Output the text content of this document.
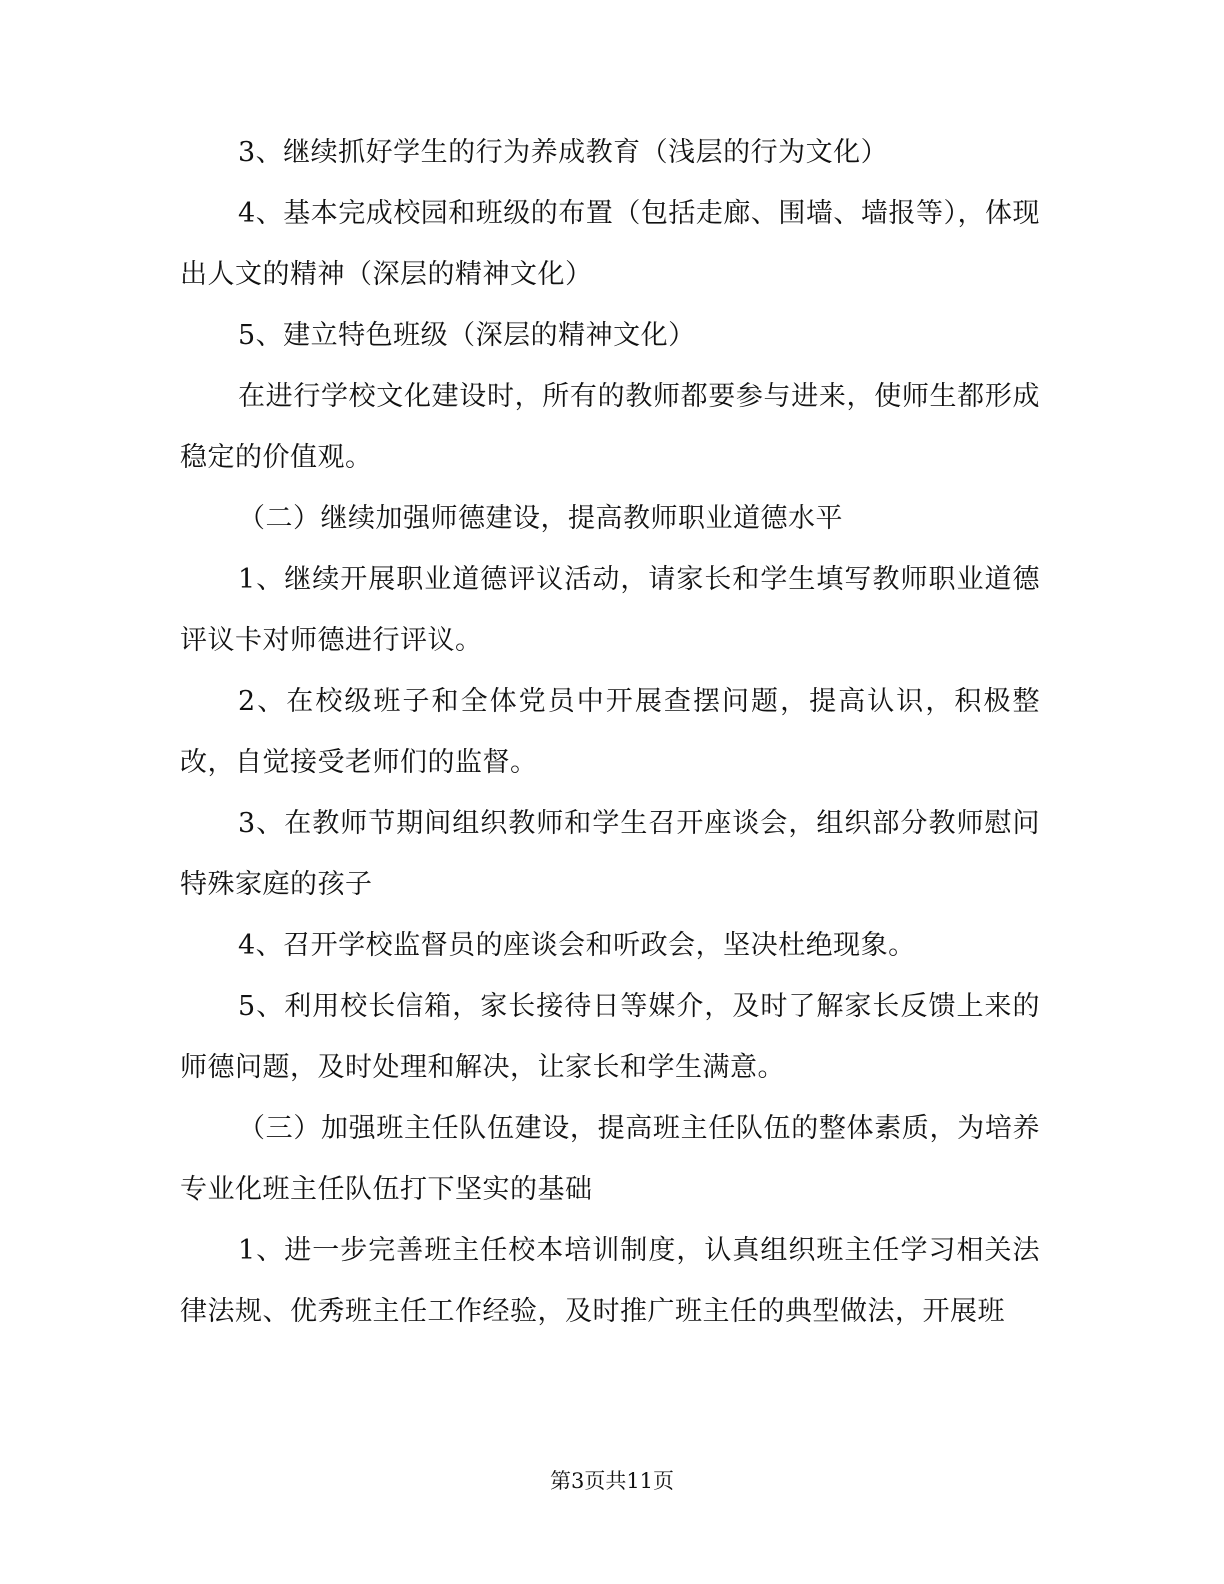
3、继续抓好学生的行为养成教育（浅层的行为文化）

4、基本完成校园和班级的布置（包括走廊、围墙、墙报等），体现出人文的精神（深层的精神文化）

5、建立特色班级（深层的精神文化）

在进行学校文化建设时，所有的教师都要参与进来，使师生都形成稳定的价值观。

（二）继续加强师德建设，提高教师职业道德水平

1、继续开展职业道德评议活动，请家长和学生填写教师职业道德评议卡对师德进行评议。

2、在校级班子和全体党员中开展查摆问题，提高认识，积极整改，自觉接受老师们的监督。

3、在教师节期间组织教师和学生召开座谈会，组织部分教师慰问特殊家庭的孩子

4、召开学校监督员的座谈会和听政会，坚决杜绝现象。

5、利用校长信箱，家长接待日等媒介，及时了解家长反馈上来的师德问题，及时处理和解决，让家长和学生满意。

（三）加强班主任队伍建设，提高班主任队伍的整体素质，为培养专业化班主任队伍打下坚实的基础

1、进一步完善班主任校本培训制度，认真组织班主任学习相关法律法规、优秀班主任工作经验，及时推广班主任的典型做法，开展班

第3页共11页
